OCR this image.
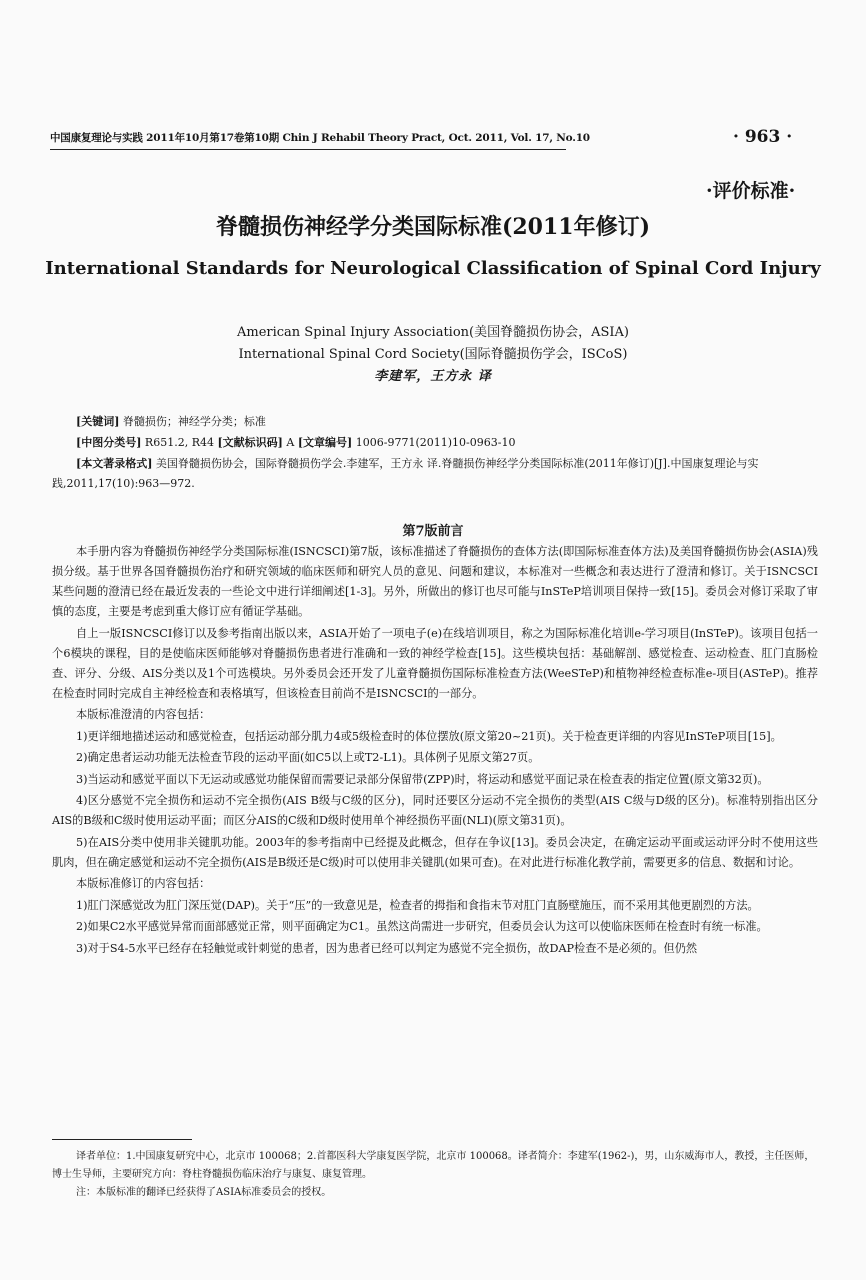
中国康复理论与实践 2011年10月第17卷第10期 Chin J Rehabil Theory Pract, Oct. 2011, Vol. 17, No.10	· 963 ·
·评价标准·
脊髓损伤神经学分类国际标准(2011年修订)
International Standards for Neurological Classification of Spinal Cord Injury
American Spinal Injury Association(美国脊髓损伤协会，ASIA)
International Spinal Cord Society(国际脊髓损伤学会，ISCoS)
李建军，王方永 译
[关键词] 脊髓损伤；神经学分类；标准
[中图分类号] R651.2, R44 [文献标识码] A [文章编号] 1006-9771(2011)10-0963-10
[本文著录格式] 美国脊髓损伤协会，国际脊髓损伤学会.李建军，王方永 译.脊髓损伤神经学分类国际标准(2011年修订)[J].中国康复理论与实践,2011,17(10):963—972.
第7版前言

本手册内容为脊髓损伤神经学分类国际标准(ISNCSCI)第7版，该标准描述了脊髓损伤的查体方法(即国际标准查体方法)及美国脊髓损伤协会(ASIA)残损分级。基于世界各国脊髓损伤治疗和研究领域的临床医师和研究人员的意见、问题和建议，本标准对一些概念和表达进行了澄清和修订。关于ISNCSCI某些问题的澄清已经在最近发表的一些论文中进行详细阐述[1-3]。另外，所做出的修订也尽可能与InSTeP培训项目保持一致[15]。委员会对修订采取了审慎的态度，主要是考虑到重大修订应有循证学基础。

自上一版ISNCSCI修订以及参考指南出版以来，ASIA开始了一项电子(e)在线培训项目，称之为国际标准化培训e-学习项目(InSTeP)。该项目包括一个6模块的课程，目的是使临床医师能够对脊髓损伤患者进行准确和一致的神经学检查[15]。这些模块包括：基础解剖、感觉检查、运动检查、肛门直肠检查、评分、分级、AIS分类以及1个可选模块。另外委员会还开发了儿童脊髓损伤国际标准检查方法(WeeSTeP)和植物神经检查标准e-项目(ASTeP)。推荐在检查时同时完成自主神经检查和表格填写，但该检查目前尚不是ISNCSCI的一部分。

本版标准澄清的内容包括：

1)更详细地描述运动和感觉检查，包括运动部分肌力4或5级检查时的体位摆放(原文第20~21页)。关于检查更详细的内容见InSTeP项目[15]。

2)确定患者运动功能无法检查节段的运动平面(如C5以上或T2-L1)。具体例子见原文第27页。

3)当运动和感觉平面以下无运动或感觉功能保留而需要记录部分保留带(ZPP)时，将运动和感觉平面记录在检查表的指定位置(原文第32页)。

4)区分感觉不完全损伤和运动不完全损伤(AIS B级与C级的区分)，同时还要区分运动不完全损伤的类型(AIS C级与D级的区分)。标准特别指出区分AIS的B级和C级时使用运动平面；而区分AIS的C级和D级时使用单个神经损伤平面(NLI)(原文第31页)。

5)在AIS分类中使用非关键肌功能。2003年的参考指南中已经提及此概念，但存在争议[13]。委员会决定，在确定运动平面或运动评分时不使用这些肌肉，但在确定感觉和运动不完全损伤(AIS是B级还是C级)时可以使用非关键肌(如果可查)。在对此进行标准化教学前，需要更多的信息、数据和讨论。

本版标准修订的内容包括：

1)肛门深感觉改为肛门深压觉(DAP)。关于“压”的一致意见是，检查者的拇指和食指末节对肛门直肠壁施压，而不采用其他更剧烈的方法。

2)如果C2水平感觉异常而面部感觉正常，则平面确定为C1。虽然这尚需进一步研究，但委员会认为这可以使临床医师在检查时有统一标准。

3)对于S4-5水平已经存在轻触觉或针刺觉的患者，因为患者已经可以判定为感觉不完全损伤，故DAP检查不是必须的。但仍然

译者单位：1.中国康复研究中心，北京市 100068；2.首都医科大学康复医学院，北京市 100068。译者简介：李建军(1962-)，男，山东威海市人，教授，主任医师，博士生导师，主要研究方向：脊柱脊髓损伤临床治疗与康复、康复管理。

注：本版标准的翻译已经获得了ASIA标准委员会的授权。
